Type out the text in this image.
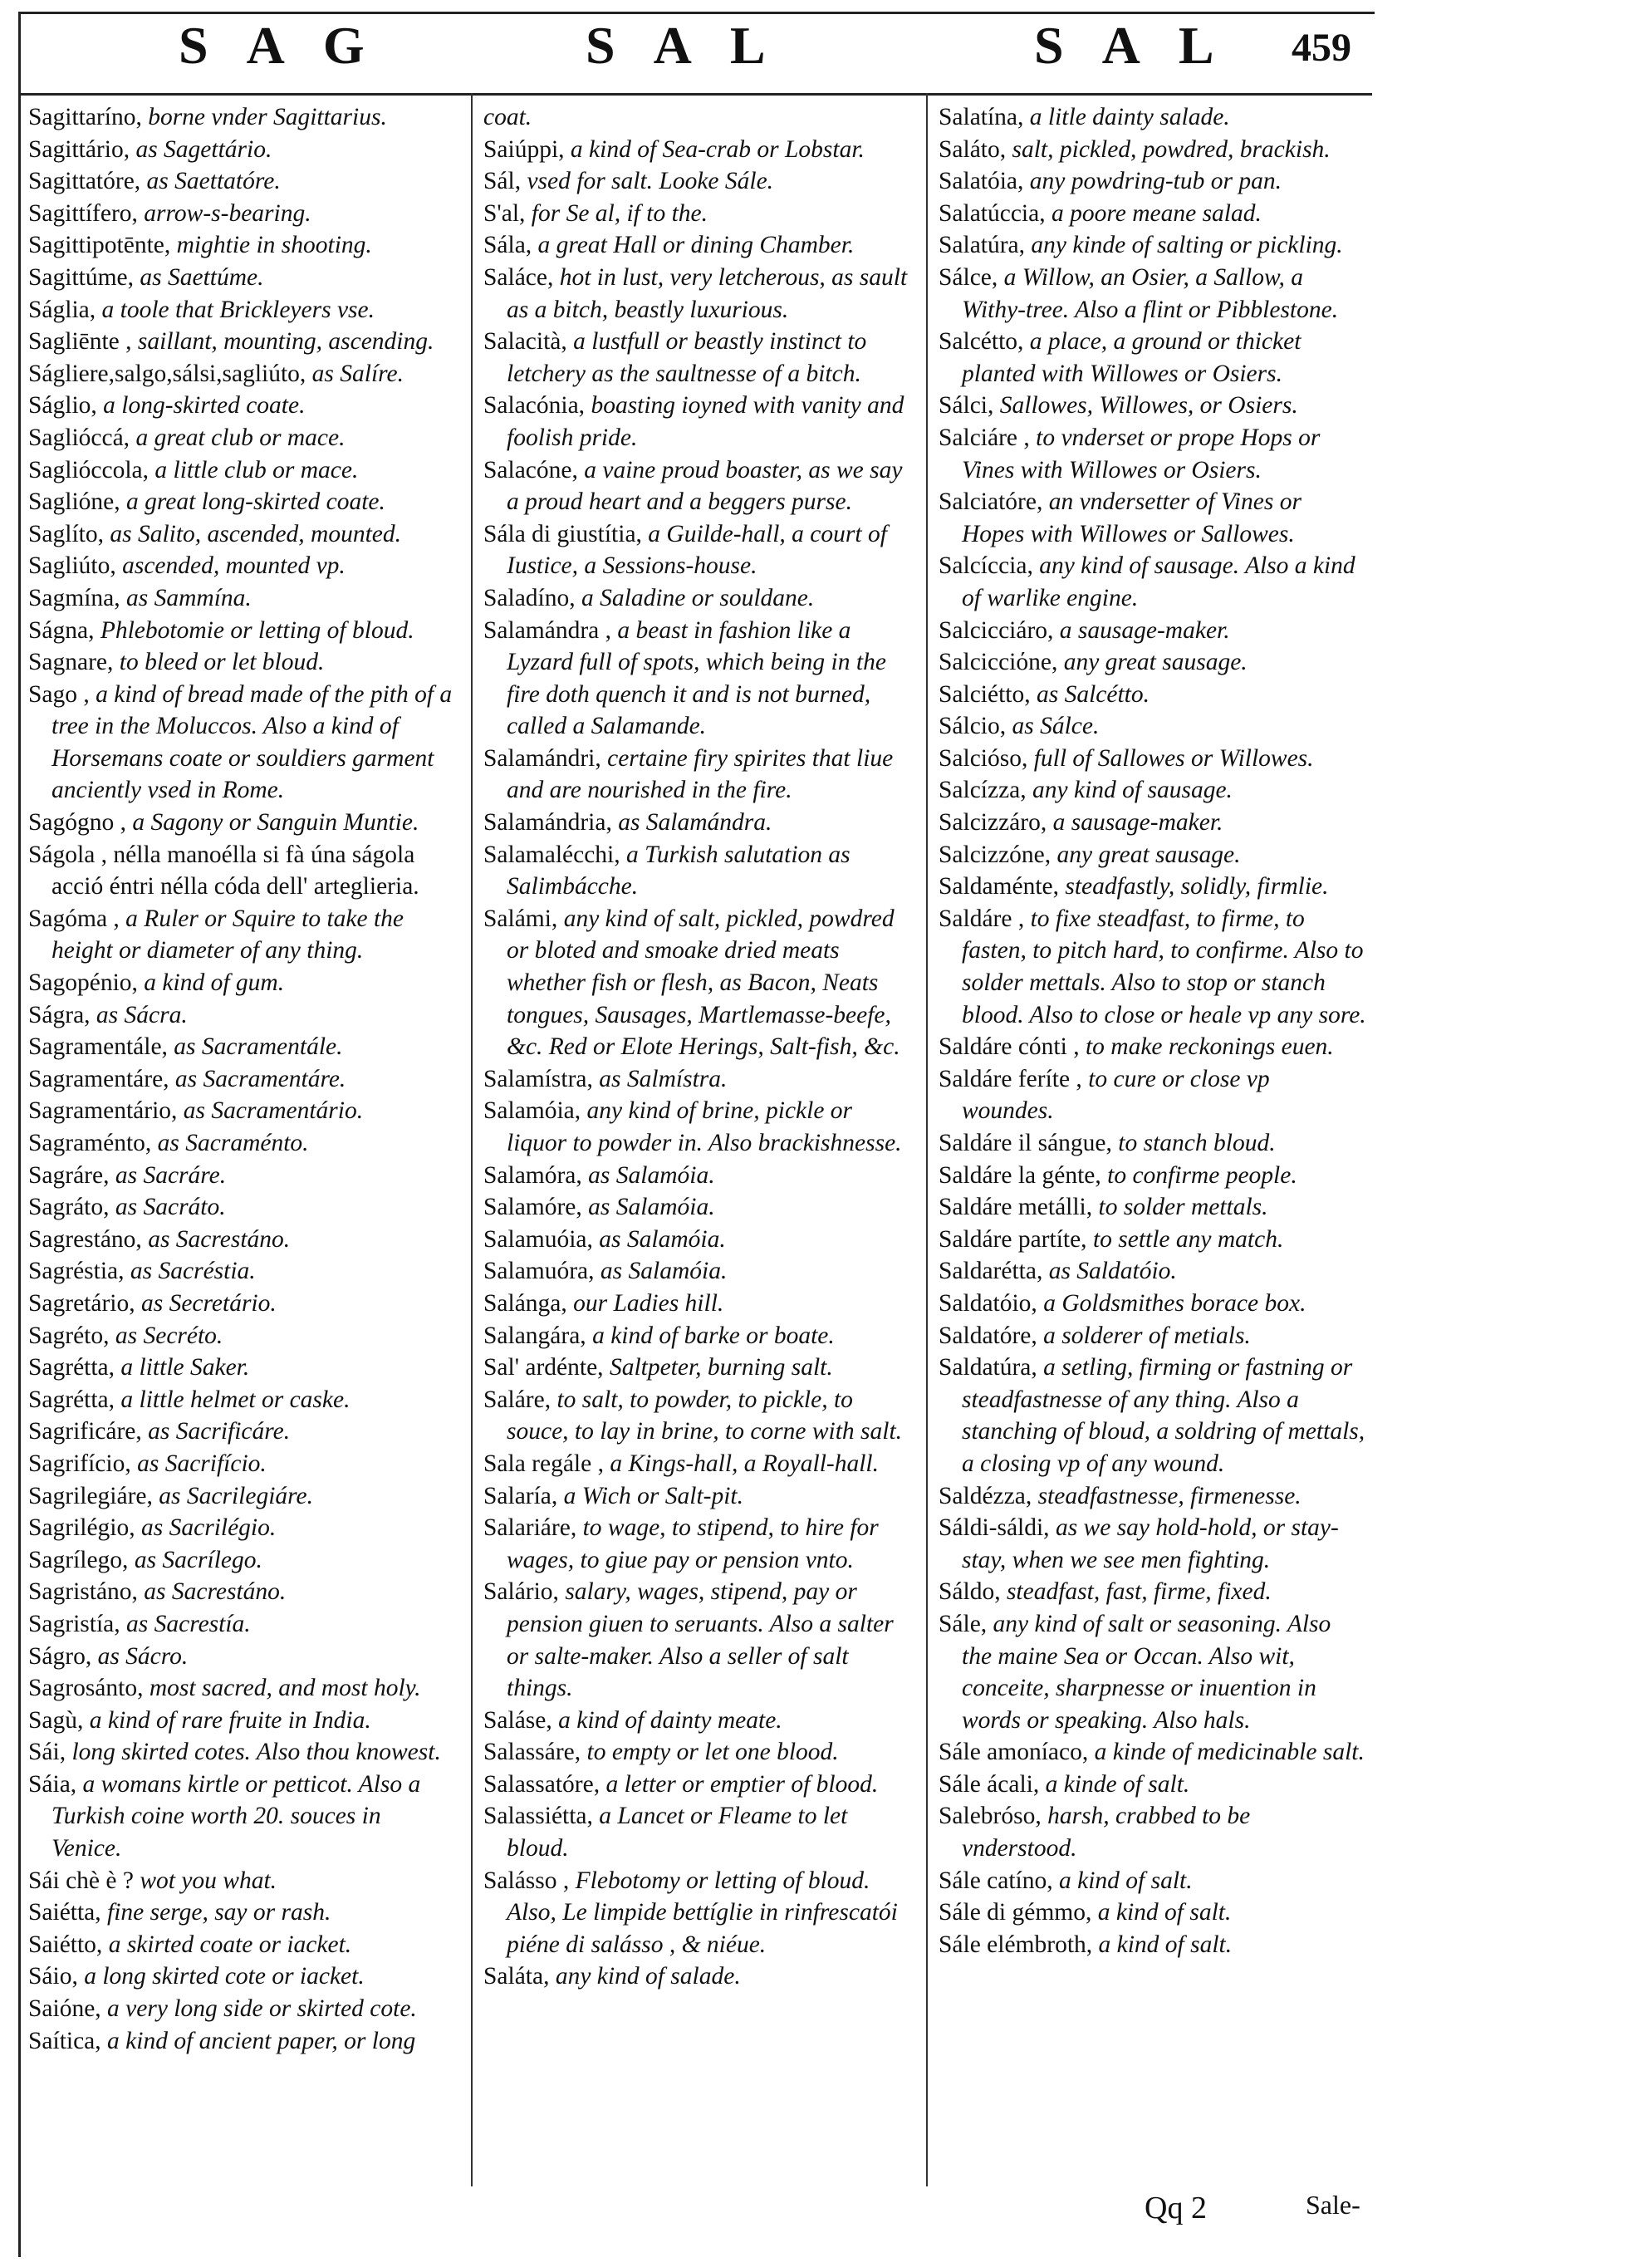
SAG	SAL	SAL 459

Sagittaríno, borne vnder Sagittarius.

Sagittário, as Sagettário.

Sagittatóre, as Saettatóre.

Sagittífero, arrow-s-bearing.

Sagittipotēnte, mightie in shooting.

Sagittúme, as Saettúme.

Ságlia, a toole that Brickleyers vse.

Sagliēnte , saillant, mounting, ascending.

Ságliere,salgo,sálsi,sagliúto, as Salíre.

Ságlio, a long-skirted coate.

Saglióccá, a great club or mace.

Saglióccola, a little club or mace.

Saglióne, a great long-skirted coate.

Saglíto, as Salito, ascended, mounted.

Sagliúto, ascended, mounted vp.

Sagmína, as Sammína.

Ságna, Phlebotomie or letting of bloud.

Sagnare, to bleed or let bloud.

Sago , a kind of bread made of the pith of a tree in the Moluccos. Also a kind of Horsemans coate or souldiers garment anciently vsed in Rome.

Sagógno , a Sagony or Sanguin Muntie.

Ságola , nélla manoélla si fà úna ságola acció éntri nélla códa dell' arteglieria.

Sagóma , a Ruler or Squire to take the height or diameter of any thing.

Sagopénio, a kind of gum.

Ságra, as Sácra.

Sagramentále, as Sacramentále.

Sagramentáre, as Sacramentáre.

Sagramentário, as Sacramentário.

Sagraménto, as Sacraménto.

Sagráre, as Sacráre.

Sagráto, as Sacráto.

Sagrestáno, as Sacrestáno.

Sagréstia, as Sacréstia.

Sagretário, as Secretário.

Sagréto, as Secréto.

Sagrétta, a little Saker.

Sagrétta, a little helmet or caske.

Sagrificáre, as Sacrificáre.

Sagrifício, as Sacrifício.

Sagrilegiáre, as Sacrilegiáre.

Sagrilégio, as Sacrilégio.

Sagrílego, as Sacrílego.

Sagristáno, as Sacrestáno.

Sagristía, as Sacrestía.

Ságro, as Sácro.

Sagrosánto, most sacred, and most holy.

Sagù, a kind of rare fruite in India.

Sái, long skirted cotes. Also thou knowest.

Sáia, a womans kirtle or petticot. Also a Turkish coine worth 20. souces in Venice.

Sái chè è ? wot you what.

Saiétta, fine serge, say or rash.

Saiétto, a skirted coate or iacket.

Sáio, a long skirted cote or iacket.

Saióne, a very long side or skirted cote.

Saítica, a kind of ancient paper, or long

coat.

Saiúppi, a kind of Sea-crab or Lobstar.

Sál, vsed for salt. Looke Sále.

S'al, for Se al, if to the.

Sála, a great Hall or dining Chamber.

Saláce, hot in lust, very letcherous, as sault as a bitch, beastly luxurious.

Salacità, a lustfull or beastly instinct to letchery as the saultnesse of a bitch.

Salacónia, boasting ioyned with vanity and foolish pride.

Salacóne, a vaine proud boaster, as we say a proud heart and a beggers purse.

Sála di giustítia, a Guilde-hall, a court of Iustice, a Sessions-house.

Saladíno, a Saladine or souldane.

Salamándra , a beast in fashion like a Lyzard full of spots, which being in the fire doth quench it and is not burned, called a Salamande.

Salamándri, certaine firy spirites that liue and are nourished in the fire.

Salamándria, as Salamándra.

Salamalécchi, a Turkish salutation as Salimbácche.

Salámi, any kind of salt, pickled, powdred or bloted and smoake dried meats whether fish or flesh, as Bacon, Neats tongues, Sausages, Martlemasse-beefe, &c. Red or Elote Herings, Salt-fish, &c.

Salamístra, as Salmístra.

Salamóia, any kind of brine, pickle or liquor to powder in. Also brackishnesse.

Salamóra, as Salamóia.

Salamóre, as Salamóia.

Salamuóia, as Salamóia.

Salamuóra, as Salamóia.

Salánga, our Ladies hill.

Salangára, a kind of barke or boate.

Sal' ardénte, Saltpeter, burning salt.

Saláre, to salt, to powder, to pickle, to souce, to lay in brine, to corne with salt.

Sala regále , a Kings-hall, a Royall-hall.

Salaría, a Wich or Salt-pit.

Salariáre, to wage, to stipend, to hire for wages, to giue pay or pension vnto.

Salário, salary, wages, stipend, pay or pension giuen to seruants. Also a salter or salte-maker. Also a seller of salt things.

Saláse, a kind of dainty meate.

Salassáre, to empty or let one blood.

Salassatóre, a letter or emptier of blood.

Salassiétta, a Lancet or Fleame to let bloud.

Salásso , Flebotomy or letting of bloud. Also, Le limpide bettíglie in rinfrescatói piéne di salásso , & niéue.

Saláta, any kind of salade.

Salatína, a litle dainty salade.

Saláto, salt, pickled, powdred, brackish.

Salatóia, any powdring-tub or pan.

Salatúccia, a poore meane salad.

Salatúra, any kinde of salting or pickling.

Sálce, a Willow, an Osier, a Sallow, a Withy-tree. Also a flint or Pibblestone.

Salcétto, a place, a ground or thicket planted with Willowes or Osiers.

Sálci, Sallowes, Willowes, or Osiers.

Salciáre , to vnderset or prope Hops or Vines with Willowes or Osiers.

Salciatóre, an vndersetter of Vines or Hopes with Willowes or Sallowes.

Salcíccia, any kind of sausage. Also a kind of warlike engine.

Salcicciáro, a sausage-maker.

Salcicciόne, any great sausage.

Salciétto, as Salcétto.

Sálcio, as Sálce.

Salcióso, full of Sallowes or Willowes.

Salcízza, any kind of sausage.

Salcizzáro, a sausage-maker.

Salcizzóne, any great sausage.

Saldaménte, steadfastly, solidly, firmlie.

Saldáre , to fixe steadfast, to firme, to fasten, to pitch hard, to confirme. Also to solder mettals. Also to stop or stanch blood. Also to close or heale vp any sore.

Saldáre cónti , to make reckonings euen.

Saldáre feríte , to cure or close vp woundes.

Saldáre il sángue, to stanch bloud.

Saldáre la génte, to confirme people.

Saldáre metálli, to solder mettals.

Saldáre partíte, to settle any match.

Saldarétta, as Saldatóio.

Saldatóio, a Goldsmithes borace box.

Saldatóre, a solderer of metials.

Saldatúra, a setling, firming or fastning or steadfastnesse of any thing. Also a stanching of bloud, a soldring of mettals, a closing vp of any wound.

Saldézza, steadfastnesse, firmenesse.

Sáldi-sáldi, as we say hold-hold, or stay-stay, when we see men fighting.

Sáldo, steadfast, fast, firme, fixed.

Sále, any kind of salt or seasoning. Also the maine Sea or Occan. Also wit, conceite, sharpnesse or inuention in words or speaking. Also hals.

Sále amoníaco, a kinde of medicinable salt.

Sále ácali, a kinde of salt.

Salebróso, harsh, crabbed to be vnderstood.

Sále catíno, a kind of salt.

Sále di gémmo, a kind of salt.

Sále elémbroth, a kind of salt.

Qq 2	Sale-
